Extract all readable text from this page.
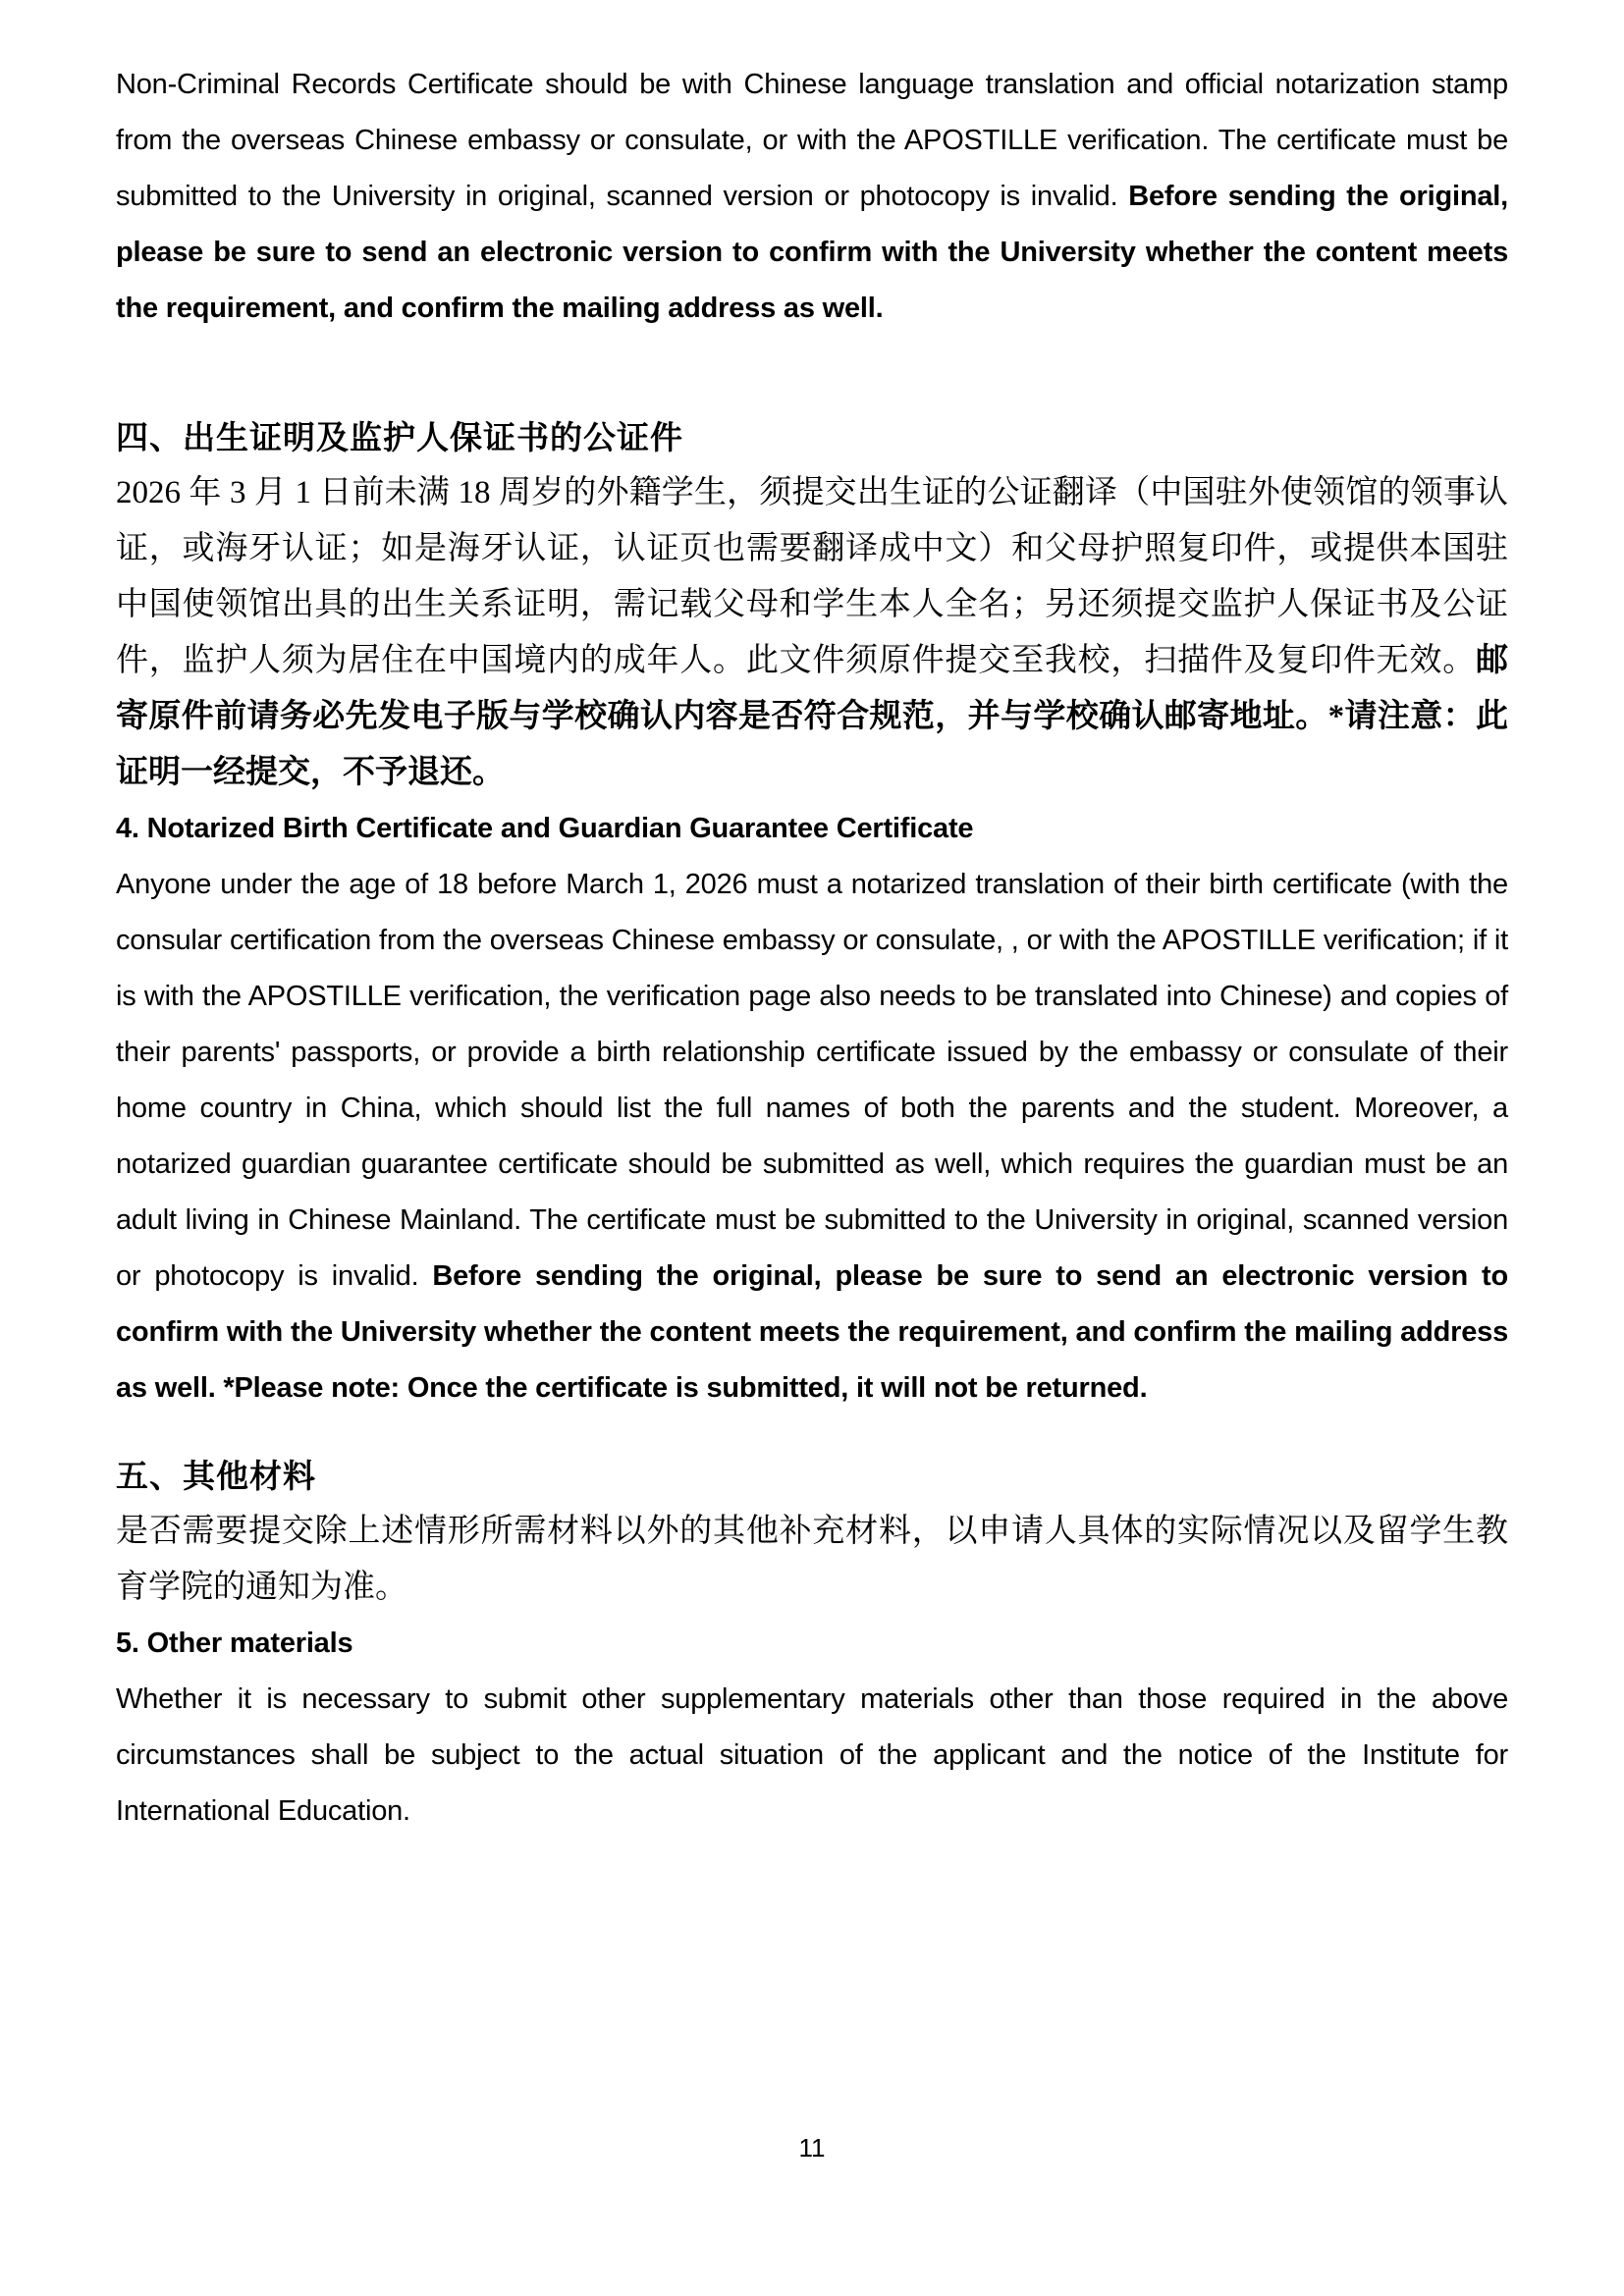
Non-Criminal Records Certificate should be with Chinese language translation and official notarization stamp from the overseas Chinese embassy or consulate, or with the APOSTILLE verification. The certificate must be submitted to the University in original, scanned version or photocopy is invalid. Before sending the original, please be sure to send an electronic version to confirm with the University whether the content meets the requirement, and confirm the mailing address as well.

四、出生证明及监护人保证书的公证件

2026 年 3 月 1 日前未满 18 周岁的外籍学生，须提交出生证的公证翻译（中国驻外使领馆的领事认证，或海牙认证；如是海牙认证，认证页也需要翻译成中文）和父母护照复印件，或提供本国驻中国使领馆出具的出生关系证明，需记载父母和学生本人全名；另还须提交监护人保证书及公证件，监护人须为居住在中国境内的成年人。此文件须原件提交至我校，扫描件及复印件无效。邮寄原件前请务必先发电子版与学校确认内容是否符合规范，并与学校确认邮寄地址。*请注意：此证明一经提交，不予退还。

4. Notarized Birth Certificate and Guardian Guarantee Certificate

Anyone under the age of 18 before March 1, 2026 must a notarized translation of their birth certificate (with the consular certification from the overseas Chinese embassy or consulate, , or with the APOSTILLE verification; if it is with the APOSTILLE verification, the verification page also needs to be translated into Chinese) and copies of their parents' passports, or provide a birth relationship certificate issued by the embassy or consulate of their home country in China, which should list the full names of both the parents and the student. Moreover, a notarized guardian guarantee certificate should be submitted as well, which requires the guardian must be an adult living in Chinese Mainland. The certificate must be submitted to the University in original, scanned version or photocopy is invalid. Before sending the original, please be sure to send an electronic version to confirm with the University whether the content meets the requirement, and confirm the mailing address as well. *Please note: Once the certificate is submitted, it will not be returned.

五、其他材料

是否需要提交除上述情形所需材料以外的其他补充材料，以申请人具体的实际情况以及留学生教育学院的通知为准。

5. Other materials

Whether it is necessary to submit other supplementary materials other than those required in the above circumstances shall be subject to the actual situation of the applicant and the notice of the Institute for International Education.

11
